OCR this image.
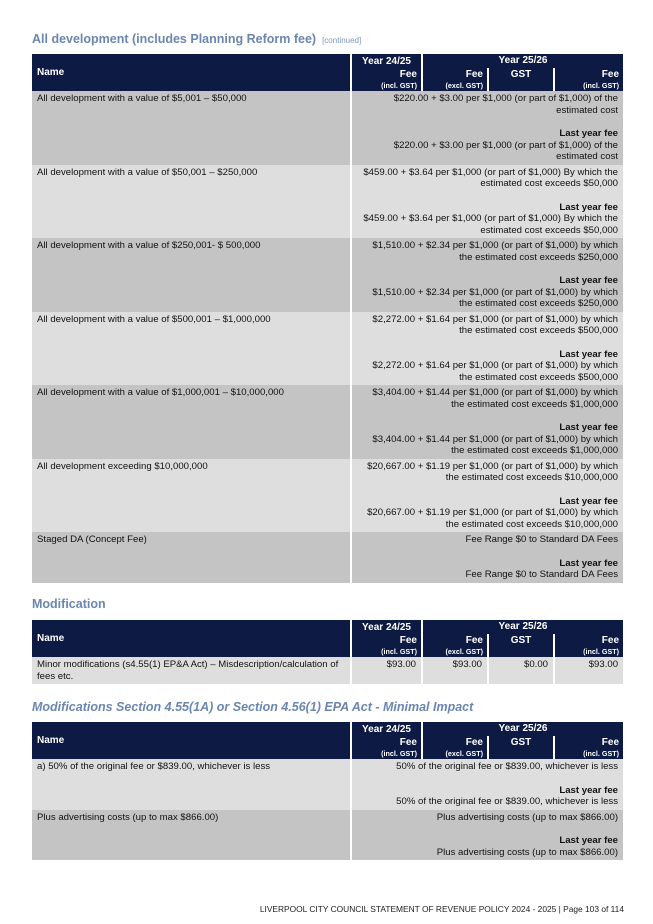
All development (includes Planning Reform fee) [continued]
Name	Year 24/25	Year 25/26		
	Fee	Fee	GST	Fee
	(incl. GST)	(excl. GST)		(incl. GST)
All development with a value of $5,001 – $50,000	$220.00 + $3.00 per $1,000 (or part of $1,000) of the estimated cost
Last year fee
$220.00 + $3.00 per $1,000 (or part of $1,000) of the estimated cost			
All development with a value of $50,001 – $250,000	$459.00 + $3.64 per $1,000 (or part of $1,000) By which the estimated cost exceeds $50,000
Last year fee
$459.00 + $3.64 per $1,000 (or part of $1,000) By which the estimated cost exceeds $50,000			
All development with a value of $250,001- $ 500,000	$1,510.00 + $2.34 per $1,000 (or part of $1,000) by which the estimated cost exceeds $250,000
Last year fee
$1,510.00 + $2.34 per $1,000 (or part of $1,000) by which the estimated cost exceeds $250,000			
All development with a value of $500,001 – $1,000,000	$2,272.00 + $1.64 per $1,000 (or part of $1,000) by which the estimated cost exceeds $500,000
Last year fee
$2,272.00 + $1.64 per $1,000 (or part of $1,000) by which the estimated cost exceeds $500,000			
All development with a value of $1,000,001 – $10,000,000	$3,404.00 + $1.44 per $1,000 (or part of $1,000) by which the estimated cost exceeds $1,000,000
Last year fee
$3,404.00 + $1.44 per $1,000 (or part of $1,000) by which the estimated cost exceeds $1,000,000			
All development exceeding $10,000,000	$20,667.00 + $1.19 per $1,000 (or part of $1,000) by which the estimated cost exceeds $10,000,000
Last year fee
$20,667.00 + $1.19 per $1,000 (or part of $1,000) by which the estimated cost exceeds $10,000,000			
Staged DA (Concept Fee)	Fee Range $0 to Standard DA Fees
Last year fee
Fee Range $0 to Standard DA Fees			
Modification
Name	Year 24/25	Year 25/26		
	Fee	Fee	GST	Fee
	(incl. GST)	(excl. GST)		(incl. GST)
Minor modifications (s4.55(1) EP&A Act) – Misdescription/calculation of fees etc.	$93.00	$93.00	$0.00	$93.00
Modifications Section 4.55(1A) or Section 4.56(1) EPA Act - Minimal Impact
Name	Year 24/25	Year 25/26		
	Fee	Fee	GST	Fee
	(incl. GST)	(excl. GST)		(incl. GST)
a) 50% of the original fee or $839.00, whichever is less	50% of the original fee or $839.00, whichever is less
Last year fee
50% of the original fee or $839.00, whichever is less			
Plus advertising costs (up to max $866.00)	Plus advertising costs (up to max $866.00)
Last year fee
Plus advertising costs (up to max $866.00)			
LIVERPOOL CITY COUNCIL STATEMENT OF REVENUE POLICY 2024 - 2025 | Page 103 of 114
